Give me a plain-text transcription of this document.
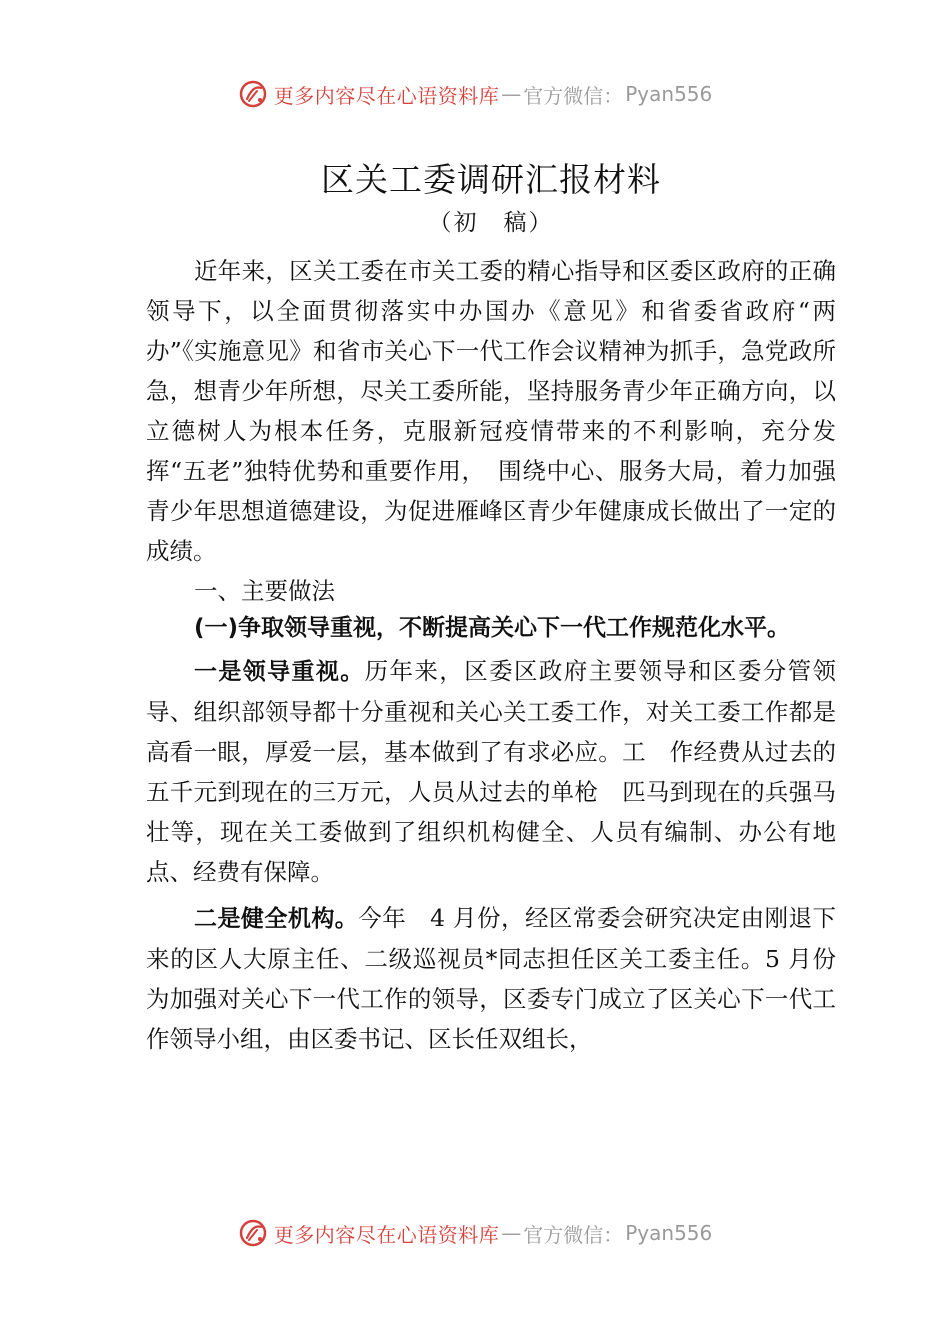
更多内容尽在心语资料库 — 官方微信： Pyan556
区关工委调研汇报材料

（初　稿）

近年来，区关工委在市关工委的精心指导和区委区政府的正确领导下，以全面贯彻落实中办国办《意见》和省委省政府“两办”《实施意见》和省市关心下一代工作会议精神为抓手，急党政所急，想青少年所想，尽关工委所能，坚持服务青少年正确方向，以立德树人为根本任务，克服新冠疫情带来的不利影响，充分发挥“五老”独特优势和重要作用，　围绕中心、服务大局，着力加强青少年思想道德建设，为促进雁峰区青少年健康成长做出了一定的成绩。

一、主要做法

(一)争取领导重视，不断提高关心下一代工作规范化水平。

一是领导重视。历年来，区委区政府主要领导和区委分管领导、组织部领导都十分重视和关心关工委工作，对关工委工作都是高看一眼，厚爱一层，基本做到了有求必应。工　作经费从过去的五千元到现在的三万元，人员从过去的单枪　匹马到现在的兵强马壮等，现在关工委做到了组织机构健全、人员有编制、办公有地点、经费有保障。

二是健全机构。今年　4 月份，经区常委会研究决定由刚退下来的区人大原主任、二级巡视员*同志担任区关工委主任。5 月份为加强对关心下一代工作的领导，区委专门成立了区关心下一代工作领导小组，由区委书记、区长任双组长，

更多内容尽在心语资料库 — 官方微信： Pyan556
